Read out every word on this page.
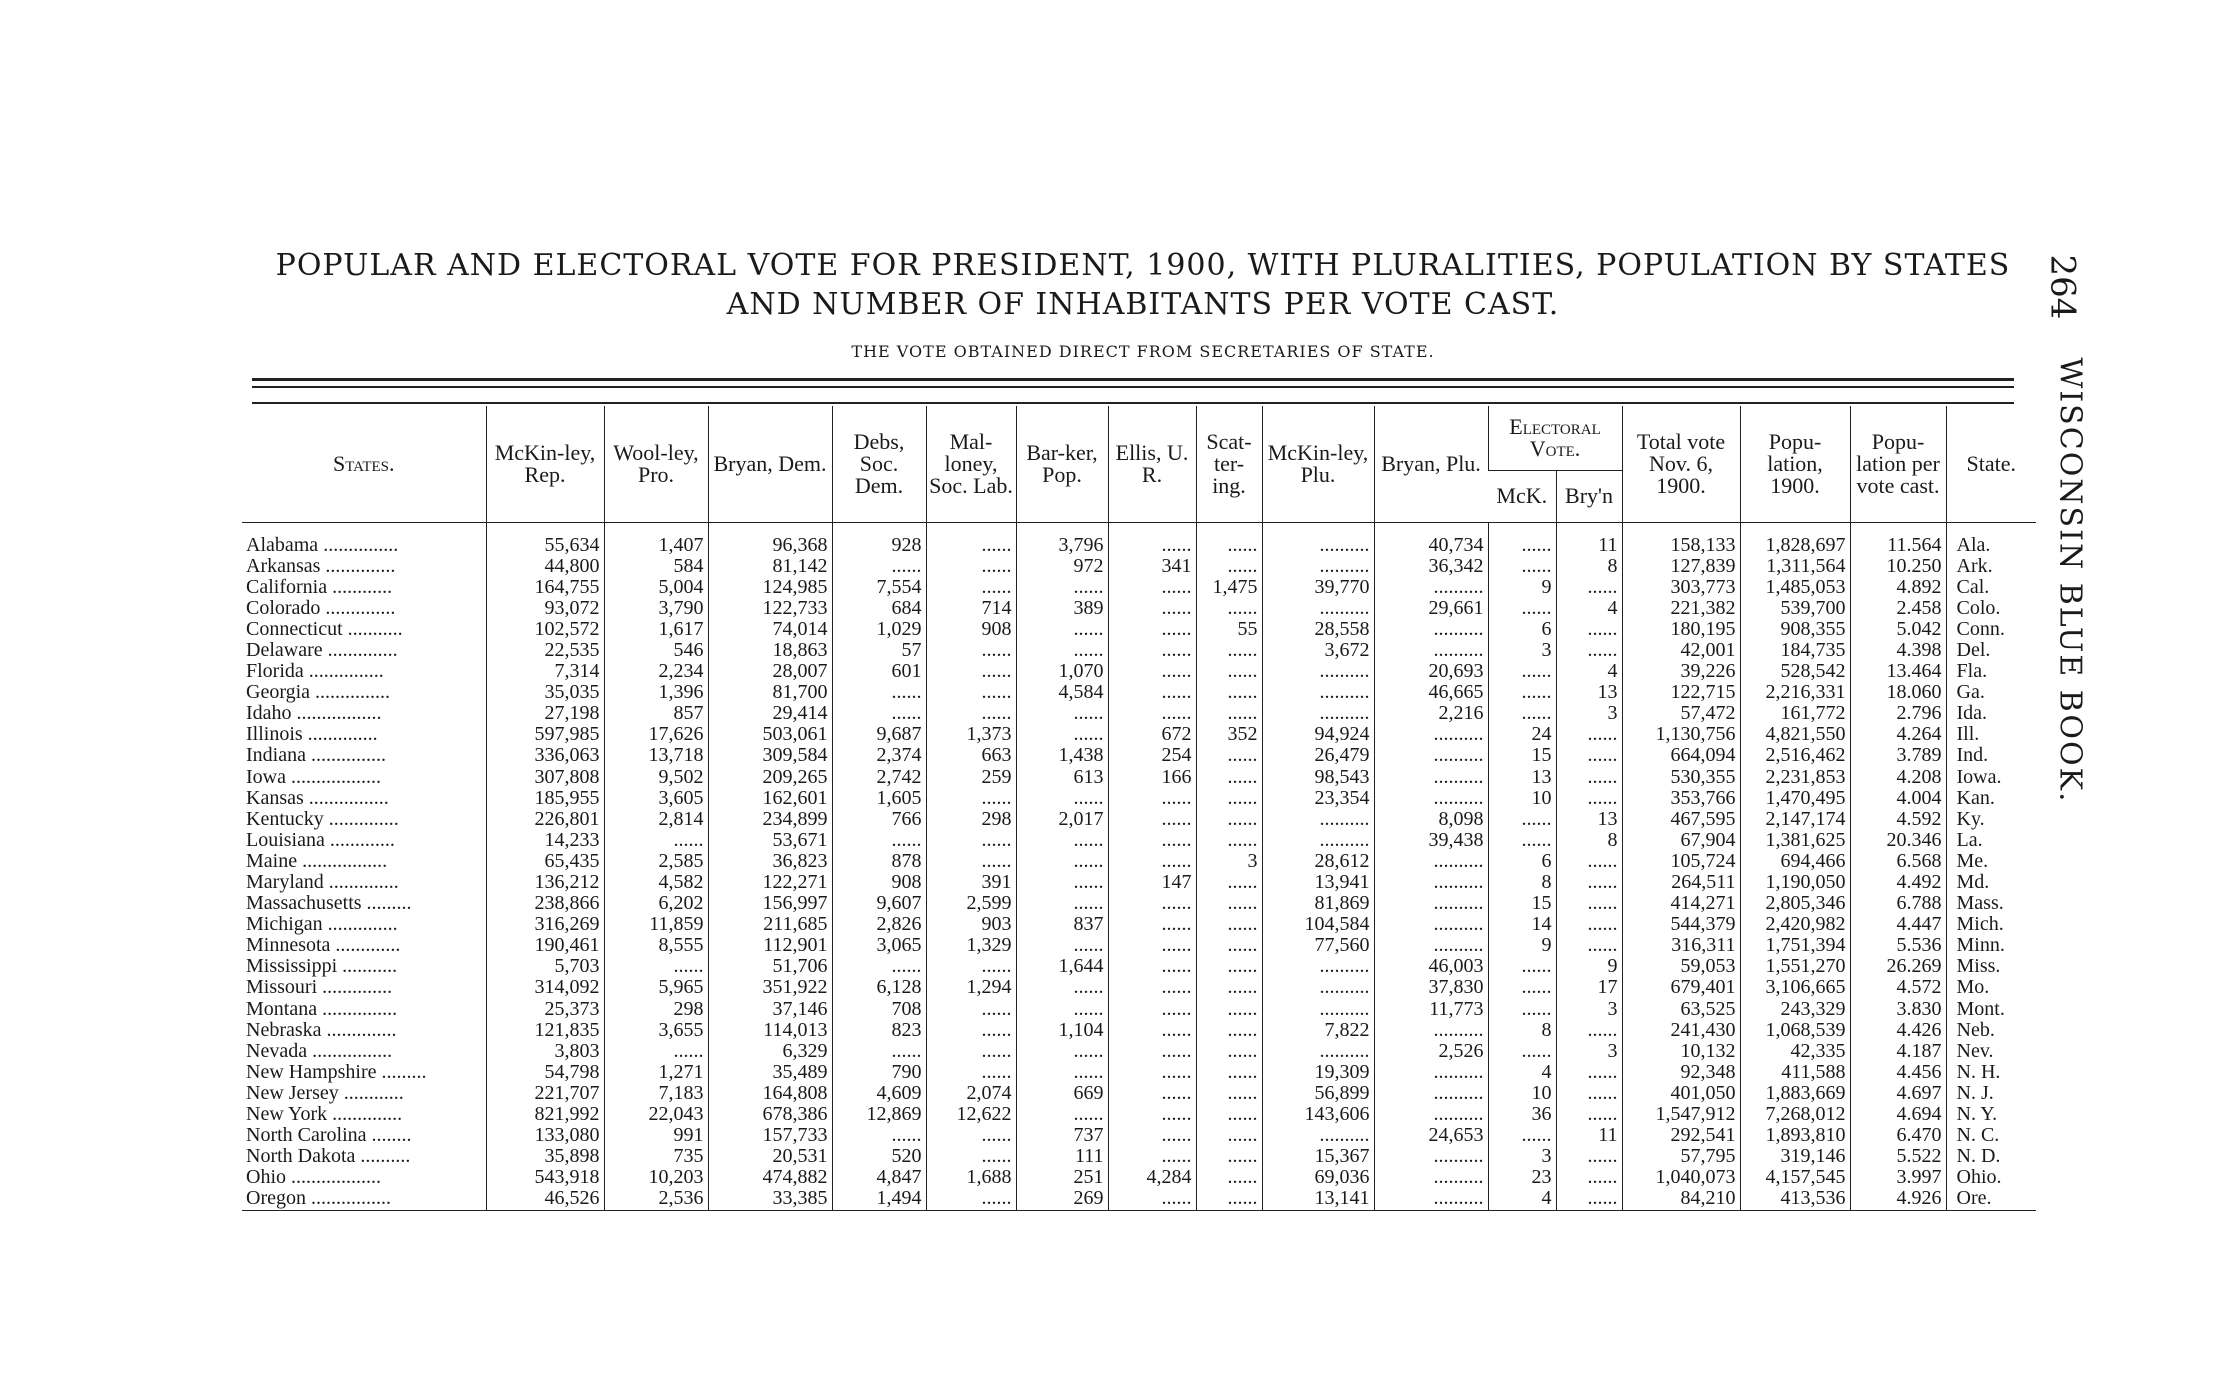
POPULAR AND ELECTORAL VOTE FOR PRESIDENT, 1900, WITH PLURALITIES, POPULATION BY STATES
AND NUMBER OF INHABITANTS PER VOTE CAST.
THE VOTE OBTAINED DIRECT FROM SECRETARIES OF STATE.
264
WISCONSIN BLUE BOOK.
States.	McKin-ley, Rep.	Wool-ley, Pro.	Bryan, Dem.	Debs, Soc. Dem.	Mal-loney, Soc. Lab.	Bar-ker, Pop.	Ellis, U. R.	Scat-ter-ing.	McKin-ley, Plu.	Bryan, Plu.	Electoral Vote.		Total vote Nov. 6, 1900.	Popu-lation, 1900.	Popu-lation per vote cast.	State.
											McK.	Bry'n				
Alabama ...............	55,634	1,407	96,368	928	......	3,796	......	......	..........	40,734	......	11	158,133	1,828,697	11.564	Ala.
Arkansas ..............	44,800	584	81,142	......	......	972	341	......	..........	36,342	......	8	127,839	1,311,564	10.250	Ark.
California ............	164,755	5,004	124,985	7,554	......	......	......	1,475	39,770	..........	9	......	303,773	1,485,053	4.892	Cal.
Colorado ..............	93,072	3,790	122,733	684	714	389	......	......	..........	29,661	......	4	221,382	539,700	2.458	Colo.
Connecticut ...........	102,572	1,617	74,014	1,029	908	......	......	55	28,558	..........	6	......	180,195	908,355	5.042	Conn.
Delaware ..............	22,535	546	18,863	57	......	......	......	......	3,672	..........	3	......	42,001	184,735	4.398	Del.
Florida ...............	7,314	2,234	28,007	601	......	1,070	......	......	..........	20,693	......	4	39,226	528,542	13.464	Fla.
Georgia ...............	35,035	1,396	81,700	......	......	4,584	......	......	..........	46,665	......	13	122,715	2,216,331	18.060	Ga.
Idaho .................	27,198	857	29,414	......	......	......	......	......	..........	2,216	......	3	57,472	161,772	2.796	Ida.
Illinois ..............	597,985	17,626	503,061	9,687	1,373	......	672	352	94,924	..........	24	......	1,130,756	4,821,550	4.264	Ill.
Indiana ...............	336,063	13,718	309,584	2,374	663	1,438	254	......	26,479	..........	15	......	664,094	2,516,462	3.789	Ind.
Iowa ..................	307,808	9,502	209,265	2,742	259	613	166	......	98,543	..........	13	......	530,355	2,231,853	4.208	Iowa.
Kansas ................	185,955	3,605	162,601	1,605	......	......	......	......	23,354	..........	10	......	353,766	1,470,495	4.004	Kan.
Kentucky ..............	226,801	2,814	234,899	766	298	2,017	......	......	..........	8,098	......	13	467,595	2,147,174	4.592	Ky.
Louisiana .............	14,233	......	53,671	......	......	......	......	......	..........	39,438	......	8	67,904	1,381,625	20.346	La.
Maine .................	65,435	2,585	36,823	878	......	......	......	3	28,612	..........	6	......	105,724	694,466	6.568	Me.
Maryland ..............	136,212	4,582	122,271	908	391	......	147	......	13,941	..........	8	......	264,511	1,190,050	4.492	Md.
Massachusetts .........	238,866	6,202	156,997	9,607	2,599	......	......	......	81,869	..........	15	......	414,271	2,805,346	6.788	Mass.
Michigan ..............	316,269	11,859	211,685	2,826	903	837	......	......	104,584	..........	14	......	544,379	2,420,982	4.447	Mich.
Minnesota .............	190,461	8,555	112,901	3,065	1,329	......	......	......	77,560	..........	9	......	316,311	1,751,394	5.536	Minn.
Mississippi ...........	5,703	......	51,706	......	......	1,644	......	......	..........	46,003	......	9	59,053	1,551,270	26.269	Miss.
Missouri ..............	314,092	5,965	351,922	6,128	1,294	......	......	......	..........	37,830	......	17	679,401	3,106,665	4.572	Mo.
Montana ...............	25,373	298	37,146	708	......	......	......	......	..........	11,773	......	3	63,525	243,329	3.830	Mont.
Nebraska ..............	121,835	3,655	114,013	823	......	1,104	......	......	7,822	..........	8	......	241,430	1,068,539	4.426	Neb.
Nevada ................	3,803	......	6,329	......	......	......	......	......	..........	2,526	......	3	10,132	42,335	4.187	Nev.
New Hampshire .........	54,798	1,271	35,489	790	......	......	......	......	19,309	..........	4	......	92,348	411,588	4.456	N. H.
New Jersey ............	221,707	7,183	164,808	4,609	2,074	669	......	......	56,899	..........	10	......	401,050	1,883,669	4.697	N. J.
New York ..............	821,992	22,043	678,386	12,869	12,622	......	......	......	143,606	..........	36	......	1,547,912	7,268,012	4.694	N. Y.
North Carolina ........	133,080	991	157,733	......	......	737	......	......	..........	24,653	......	11	292,541	1,893,810	6.470	N. C.
North Dakota ..........	35,898	735	20,531	520	......	111	......	......	15,367	..........	3	......	57,795	319,146	5.522	N. D.
Ohio ..................	543,918	10,203	474,882	4,847	1,688	251	4,284	......	69,036	..........	23	......	1,040,073	4,157,545	3.997	Ohio.
Oregon ................	46,526	2,536	33,385	1,494	......	269	......	......	13,141	..........	4	......	84,210	413,536	4.926	Ore.
